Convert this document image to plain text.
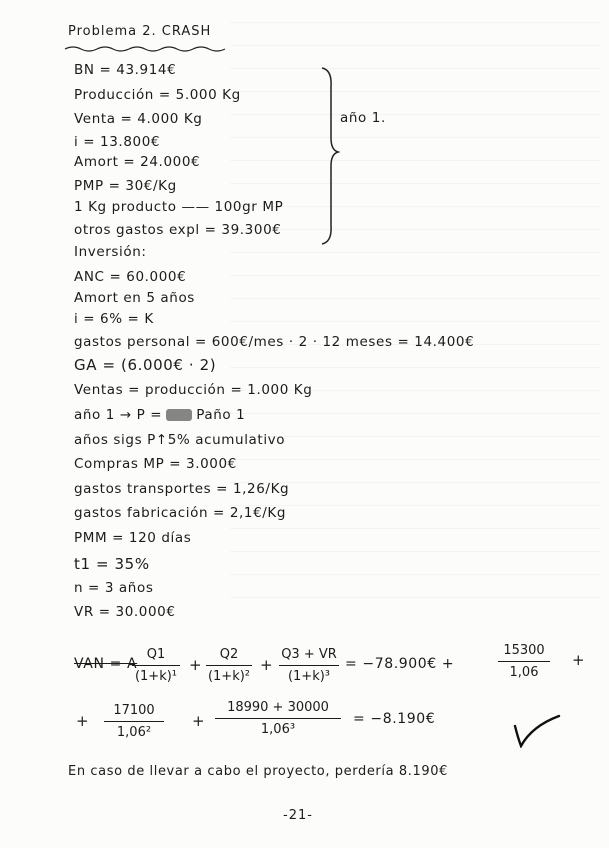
Problema 2. CRASH
BN = 43.914€
Producción = 5.000 Kg
Venta = 4.000 Kg
i = 13.800€
Amort = 24.000€
PMP = 30€/Kg
1 Kg producto —— 100gr MP
otros gastos expl = 39.300€
Inversión:
ANC = 60.000€
Amort en 5 años
i = 6% = K
gastos personal = 600€/mes · 2 · 12 meses = 14.400€
GA = (6.000€ · 2)
Ventas = producción = 1.000 Kg
año 1 → P =	Paño 1
años sigs P↑5% acumulativo
Compras MP = 3.000€
gastos transportes = 1,26/Kg
gastos fabricación = 2,1€/Kg
PMM = 120 días
t1 = 35%
n = 3 años
VR = 30.000€
año 1.
VAN = A
Q1
(1+k)¹
+
Q2
(1+k)²
+
Q3 + VR
(1+k)³
= −78.900€ +
15300
1,06
+
+
17100
1,06²
+
18990 + 30000
1,06³
= −8.190€
En caso de llevar a cabo el proyecto, perdería 8.190€
-21-
